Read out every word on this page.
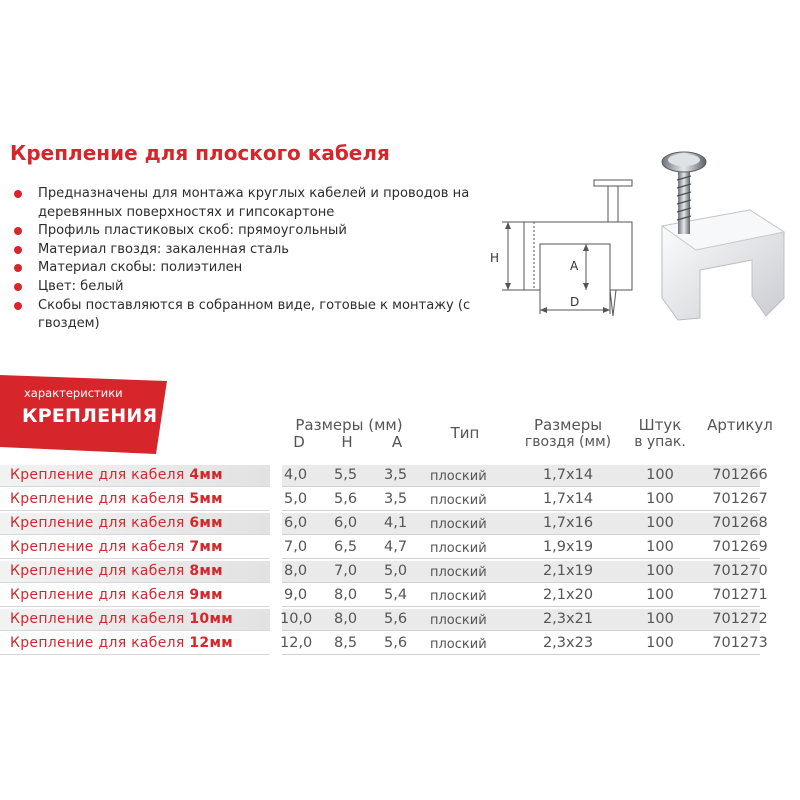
Крепление для плоского кабеля
Предназначены для монтажа круглых кабелей и проводов на деревянных поверхностях и гипсокартоне
Профиль пластиковых скоб: прямоугольный
Материал гвоздя: закаленная сталь
Материал скобы: полиэтилен
Цвет: белый
Скобы поставляются в собранном виде, готовые к монтажу (с гвоздем)
H
A
D
характеристики
КРЕПЛЕНИЯ	Размеры (мм)
D	H	A	Тип	Размеры
гвоздя (мм)
Штук
в упак.
Артикул
Крепление для кабеля 4мм	4,0 5,5 3,5 плоский	1,7x14	100	701266
Крепление для кабеля 5мм	5,0 5,6 3,5 плоский	1,7x14	100	701267
Крепление для кабеля 6мм	6,0 6,0 4,1 плоский	1,7x16	100	701268
Крепление для кабеля 7мм	7,0 6,5 4,7 плоский	1,9x19	100	701269
Крепление для кабеля 8мм	8,0 7,0 5,0 плоский	2,1x19	100	701270
Крепление для кабеля 9мм	9,0 8,0 5,4 плоский	2,1x20	100	701271
Крепление для кабеля 10мм	10,0 8,0 5,6 плоский	2,3x21	100	701272
Крепление для кабеля 12мм	12,0 8,5 5,6 плоский	2,3x23	100	701273
